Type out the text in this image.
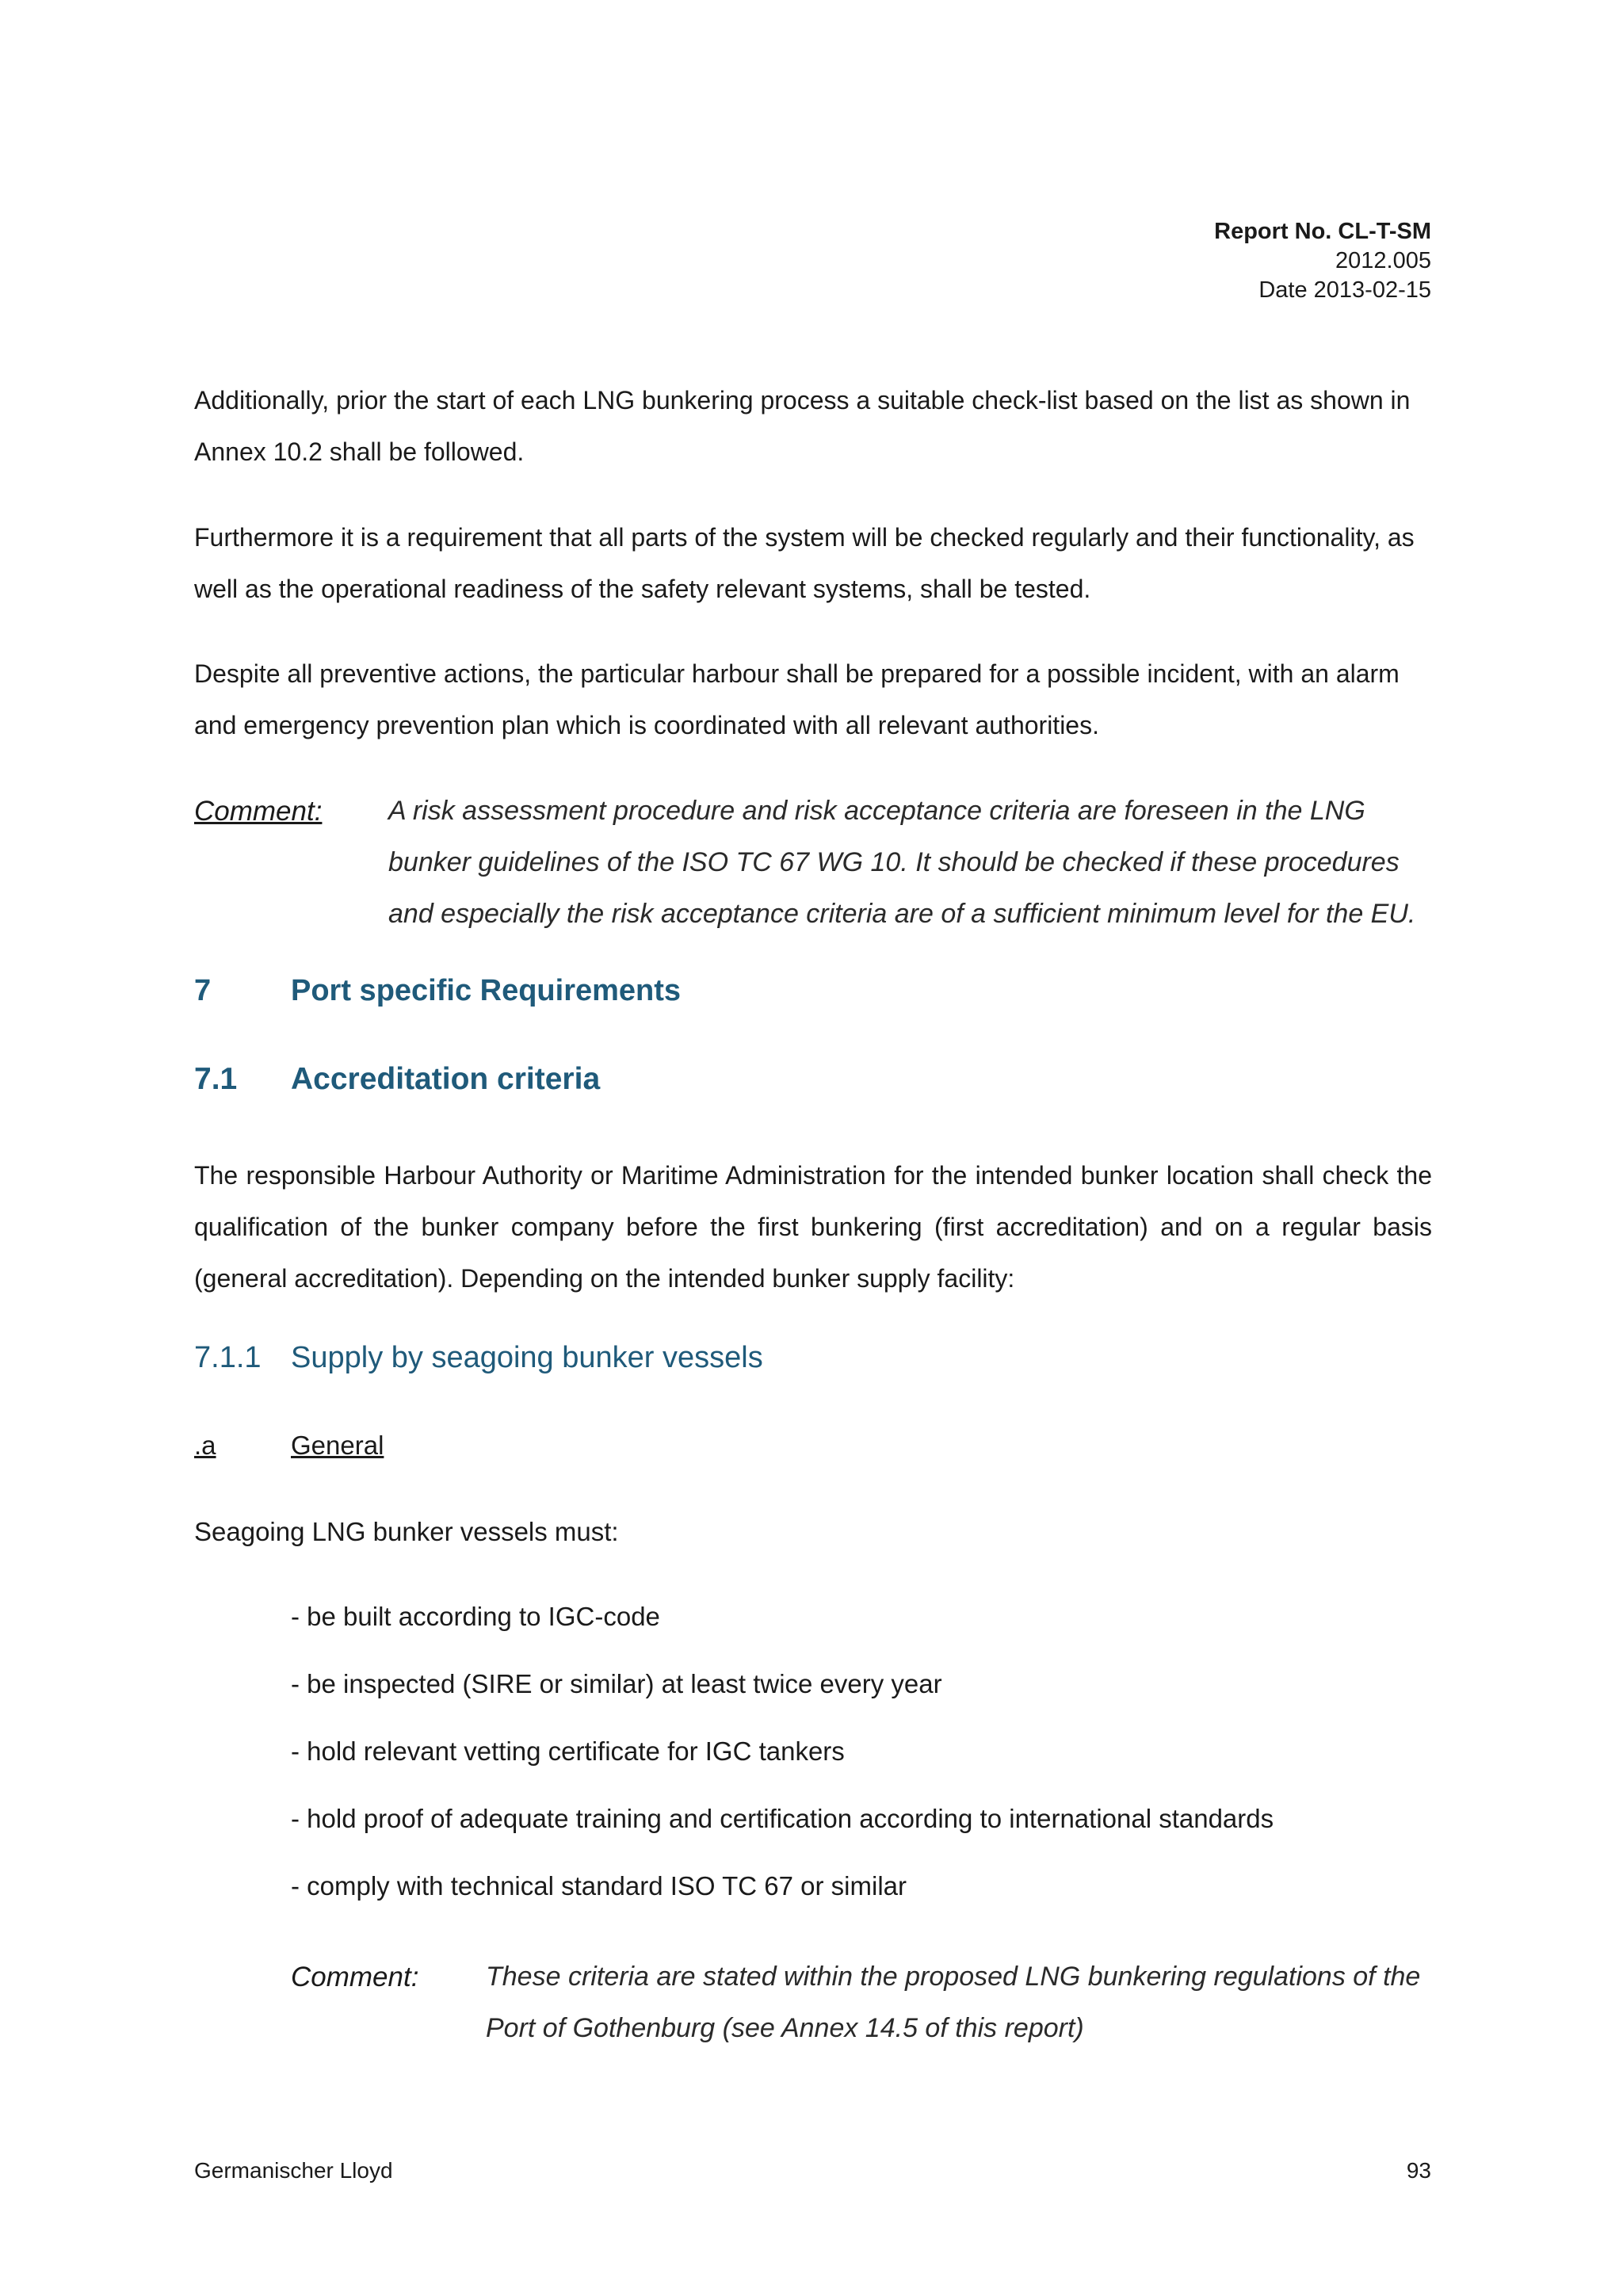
Report No. CL-T-SM
2012.005
Date 2013-02-15

Additionally, prior the start of each LNG bunkering process a suitable check-list based on the list as shown in Annex 10.2 shall be followed.

Furthermore it is a requirement that all parts of the system will be checked regularly and their functionality, as well as the operational readiness of the safety relevant systems, shall be tested.

Despite all preventive actions, the particular harbour shall be prepared for a possible incident, with an alarm and emergency prevention plan which is coordinated with all relevant authorities.

Comment: A risk assessment procedure and risk acceptance criteria are foreseen in the LNG bunker guidelines of the ISO TC 67 WG 10. It should be checked if these procedures and especially the risk acceptance criteria are of a sufficient minimum level for the EU.

7	Port specific Requirements
7.1 Accreditation criteria

The responsible Harbour Authority or Maritime Administration for the intended bunker location shall check the qualification of the bunker company before the first bunkering (first accreditation) and on a regular basis (general accreditation). Depending on the intended bunker supply facility:

7.1.1 Supply by seagoing bunker vessels
.a	General
Seagoing LNG bunker vessels must:
- be built according to IGC-code
- be inspected (SIRE or similar) at least twice every year
- hold relevant vetting certificate for IGC tankers
- hold proof of adequate training and certification according to international standards
- comply with technical standard ISO TC 67 or similar
Comment: These criteria are stated within the proposed LNG bunkering regulations of the Port of Gothenburg (see Annex 14.5 of this report)

Germanischer Lloyd	93
